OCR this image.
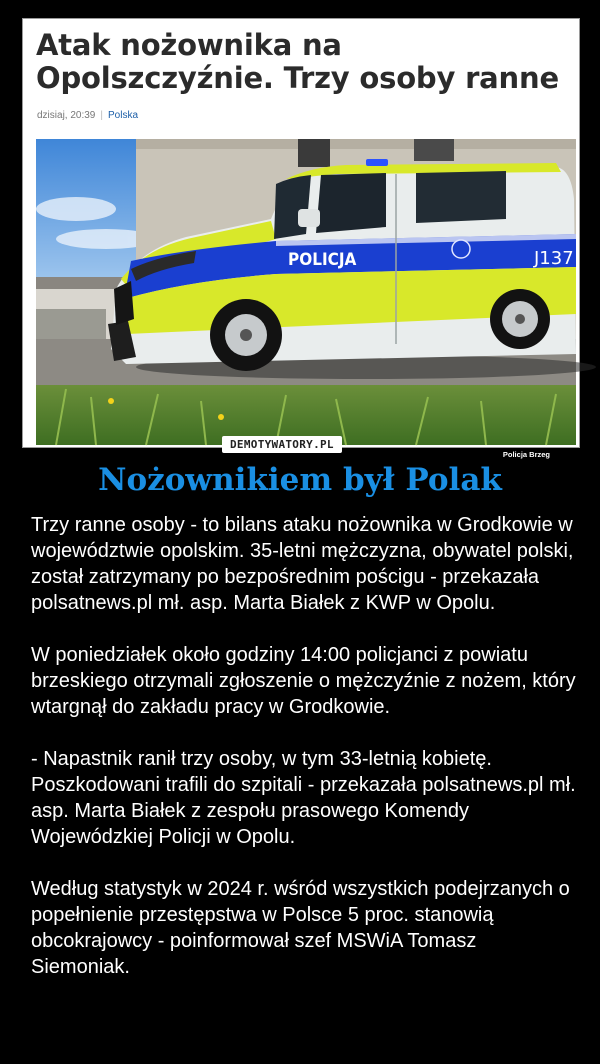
Atak nożownika na Opolszczyźnie. Trzy osoby ranne
dzisiaj, 20:39 | Polska
POLICJA	J137
DEMOTYWATORY.PL
Policja Brzeg
Nożownikiem był Polak

Trzy ranne osoby - to bilans ataku nożownika w Grodkowie w województwie opolskim. 35-letni mężczyzna, obywatel polski, został zatrzymany po bezpośrednim pościgu - przekazała polsatnews.pl mł. asp. Marta Białek z KWP w Opolu.

W poniedziałek około godziny 14:00 policjanci z powiatu brzeskiego otrzymali zgłoszenie o mężczyźnie z nożem, który wtargnął do zakładu pracy w Grodkowie.

- Napastnik ranił trzy osoby, w tym 33-letnią kobietę. Poszkodowani trafili do szpitali - przekazała polsatnews.pl mł. asp. Marta Białek z zespołu prasowego Komendy Wojewódzkiej Policji w Opolu.

Według statystyk w 2024 r. wśród wszystkich podejrzanych o popełnienie przestępstwa w Polsce 5 proc. stanowią obcokrajowcy - poinformował szef MSWiA Tomasz Siemoniak.
